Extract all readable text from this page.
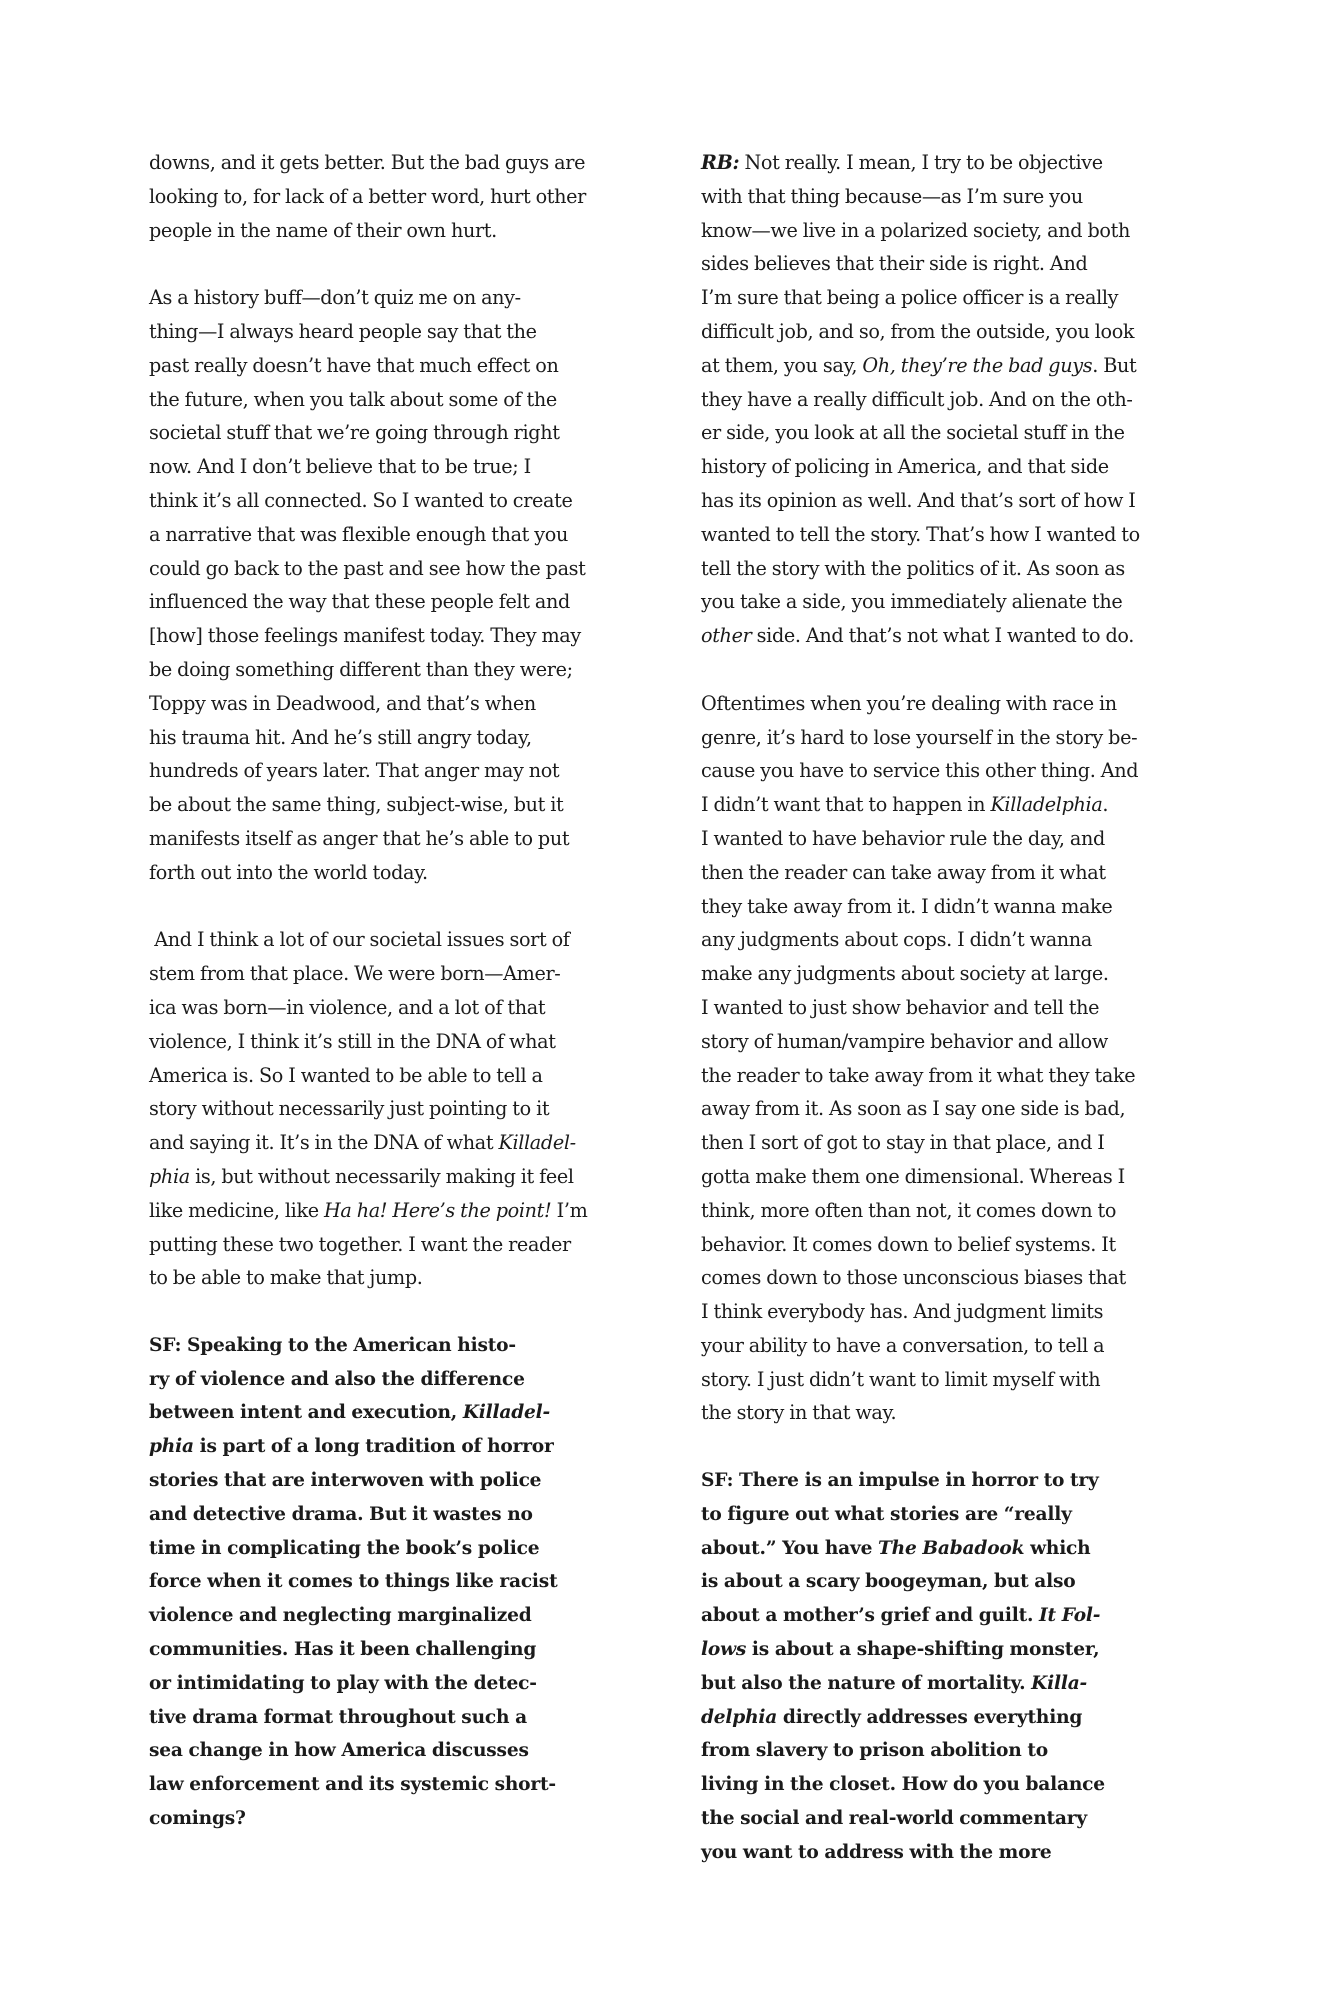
downs, and it gets better. But the bad guys are
looking to, for lack of a better word, hurt other
people in the name of their own hurt.
As a history buff—don’t quiz me on any-
thing—I always heard people say that the
past really doesn’t have that much effect on
the future, when you talk about some of the
societal stuff that we’re going through right
now. And I don’t believe that to be true; I
think it’s all connected. So I wanted to create
a narrative that was flexible enough that you
could go back to the past and see how the past
influenced the way that these people felt and
[how] those feelings manifest today. They may
be doing something different than they were;
Toppy was in Deadwood, and that’s when
his trauma hit. And he’s still angry today,
hundreds of years later. That anger may not
be about the same thing, subject-wise, but it
manifests itself as anger that he’s able to put
forth out into the world today.
And I think a lot of our societal issues sort of
stem from that place. We were born—Amer-
ica was born—in violence, and a lot of that
violence, I think it’s still in the DNA of what
America is. So I wanted to be able to tell a
story without necessarily just pointing to it
and saying it. It’s in the DNA of what Killadel-
phia is, but without necessarily making it feel
like medicine, like Ha ha! Here’s the point! I’m
putting these two together. I want the reader
to be able to make that jump.
SF: Speaking to the American histo-
ry of violence and also the difference
between intent and execution, Killadel-
phia is part of a long tradition of horror
stories that are interwoven with police
and detective drama. But it wastes no
time in complicating the book’s police
force when it comes to things like racist
violence and neglecting marginalized
communities. Has it been challenging
or intimidating to play with the detec-
tive drama format throughout such a
sea change in how America discusses
law enforcement and its systemic short-
comings?
RB: Not really. I mean, I try to be objective
with that thing because—as I’m sure you
know—we live in a polarized society, and both
sides believes that their side is right. And
I’m sure that being a police officer is a really
difficult job, and so, from the outside, you look
at them, you say, Oh, they’re the bad guys. But
they have a really difficult job. And on the oth-
er side, you look at all the societal stuff in the
history of policing in America, and that side
has its opinion as well. And that’s sort of how I
wanted to tell the story. That’s how I wanted to
tell the story with the politics of it. As soon as
you take a side, you immediately alienate the
other side. And that’s not what I wanted to do.
Oftentimes when you’re dealing with race in
genre, it’s hard to lose yourself in the story be-
cause you have to service this other thing. And
I didn’t want that to happen in Killadelphia.
I wanted to have behavior rule the day, and
then the reader can take away from it what
they take away from it. I didn’t wanna make
any judgments about cops. I didn’t wanna
make any judgments about society at large.
I wanted to just show behavior and tell the
story of human/vampire behavior and allow
the reader to take away from it what they take
away from it. As soon as I say one side is bad,
then I sort of got to stay in that place, and I
gotta make them one dimensional. Whereas I
think, more often than not, it comes down to
behavior. It comes down to belief systems. It
comes down to those unconscious biases that
I think everybody has. And judgment limits
your ability to have a conversation, to tell a
story. I just didn’t want to limit myself with
the story in that way.
SF: There is an impulse in horror to try
to figure out what stories are “really
about.” You have The Babadook which
is about a scary boogeyman, but also
about a mother’s grief and guilt. It Fol-
lows is about a shape-shifting monster,
but also the nature of mortality. Killa-
delphia directly addresses everything
from slavery to prison abolition to
living in the closet. How do you balance
the social and real-world commentary
you want to address with the more
